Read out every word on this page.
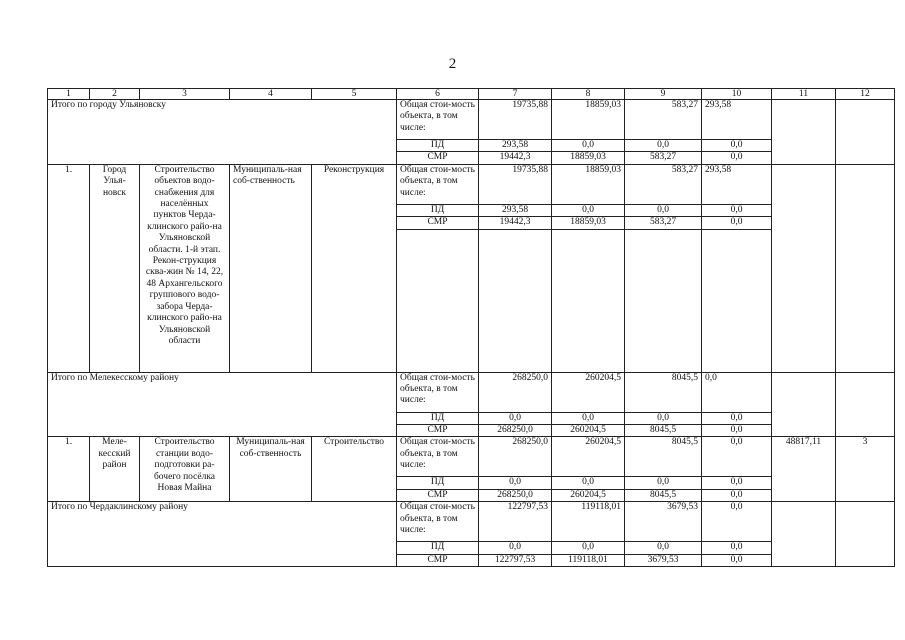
2
1	2	3	4	5	6	7	8	9	10	11	12
Итого по городу Ульяновску					Общая стои-мость объекта, в том числе:	19735,88	18859,03	583,27	293,58		
					ПД	293,58	0,0	0,0	0,0		
					СМР	19442,3	18859,03	583,27	0,0		
1.	Город Улья-новск	Строительство объектов водо-снабжения для населённых пунктов Черда-клинского райо-на Ульяновской области. 1-й этап. Рекон-струкция сква-жин № 14, 22, 48 Архангельского группового водо-забора Черда-клинского райо-на Ульяновской области	Муниципаль-ная соб-ственность	Реконструкция	Общая стои-мость объекта, в том числе:	19735,88	18859,03	583,27	293,58		
					ПД	293,58	0,0	0,0	0,0		
					СМР	19442,3	18859,03	583,27	0,0		

Итого по Мелекесскому району					Общая стои-мость объекта, в том числе:	268250,0	260204,5	8045,5	0,0		
					ПД	0,0	0,0	0,0	0,0		
					СМР	268250,0	260204,5	8045,5	0,0		
1.	Меле-кесский район	Строительство станции водо-подготовки ра-бочего посёлка Новая Майна	Муниципаль-ная соб-ственность	Строительство	Общая стои-мость объекта, в том числе:	268250,0	260204,5	8045,5	0,0	48817,11	3
					ПД	0,0	0,0	0,0	0,0		
					СМР	268250,0	260204,5	8045,5	0,0		
Итого по Чердаклинскому району					Общая стои-мость объекта, в том числе:	122797,53	119118,01	3679,53	0,0		
					ПД	0,0	0,0	0,0	0,0		
					СМР	122797,53	119118,01	3679,53	0,0		
